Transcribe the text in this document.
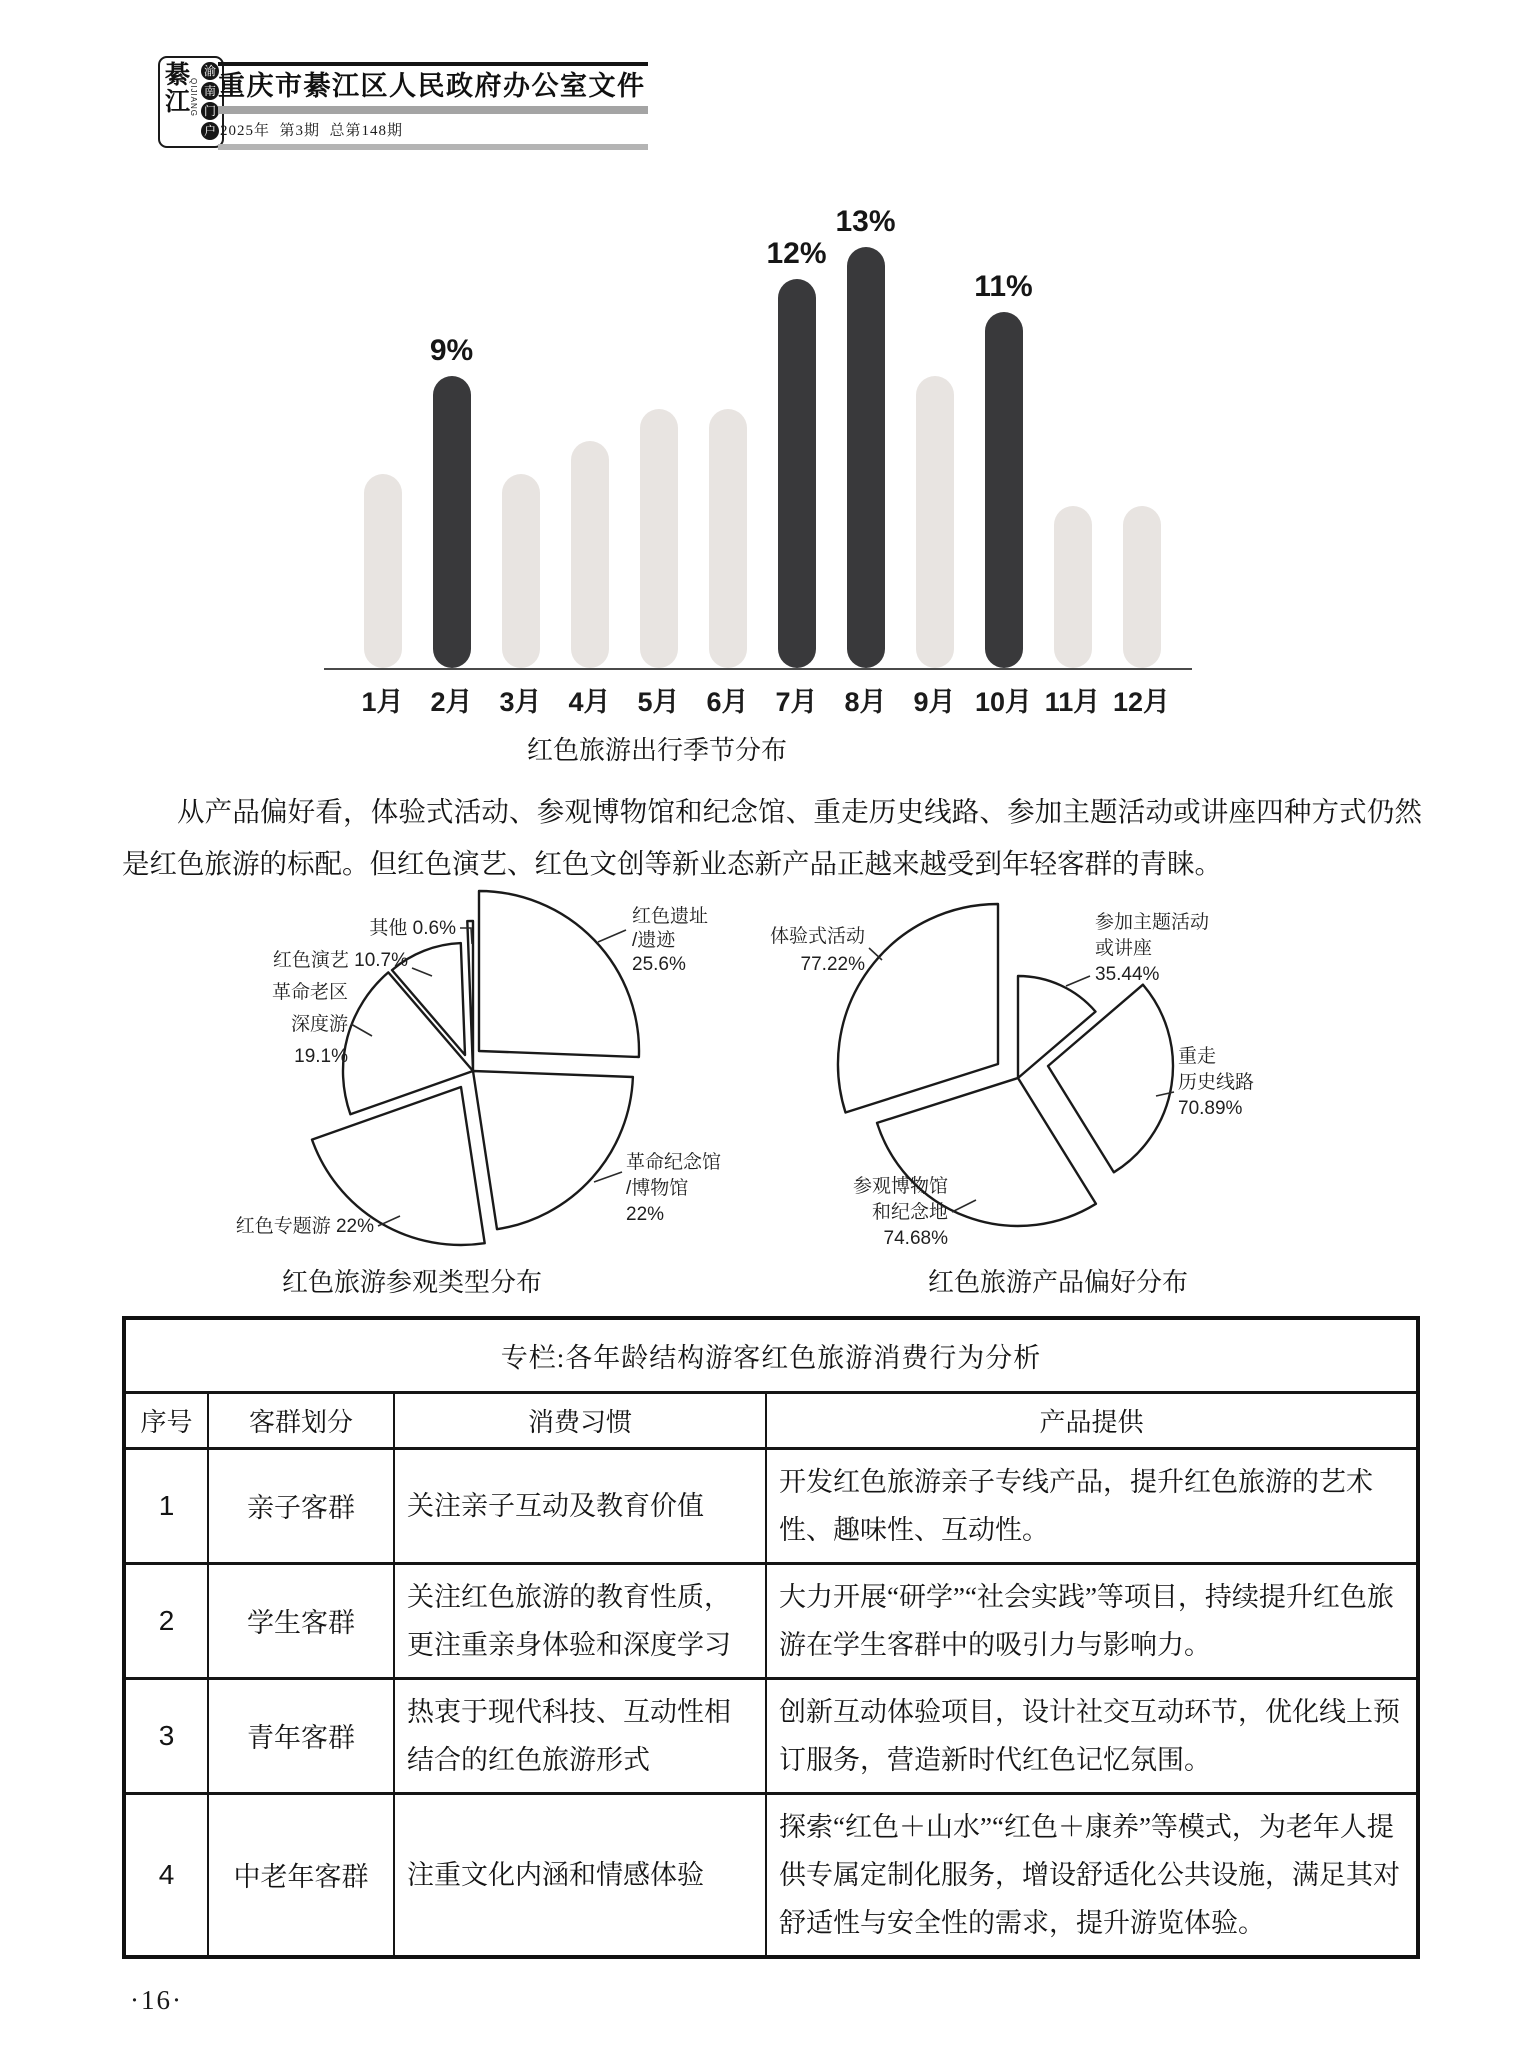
綦
江
QIJIANG
渝
南
门
户
重庆市綦江区人民政府办公室文件
2025年  第3期  总第148期
9%
12%
13%
11%
1月 2月 3月 4月 5月 6月 7月 8月 9月 10月 11月 12月
红色旅游出行季节分布
从产品偏好看，体验式活动、参观博物馆和纪念馆、重走历史线路、参加主题活动或讲座四种方式仍然是红色旅游的标配。但红色演艺、红色文创等新业态新产品正越来越受到年轻客群的青睐。
红色遗址/遗迹 25.6%
革命纪念馆/博物馆 22%
红色专题游 22%
革命老区深度游 19.1%
红色演艺 10.7%
其他 0.6%	参加主题活动或讲座 35.44%
重走历史线路 70.89%
参观博物馆和纪念地 74.68%
体验式活动 77.22%
红色旅游参观类型分布	红色旅游产品偏好分布
专栏:各年龄结构游客红色旅游消费行为分析			
序号	客群划分	消费习惯	产品提供
1	亲子客群	关注亲子互动及教育价值	开发红色旅游亲子专线产品，提升红色旅游的艺术性、趣味性、互动性。
2	学生客群	关注红色旅游的教育性质，更注重亲身体验和深度学习	大力开展“研学”“社会实践”等项目，持续提升红色旅游在学生客群中的吸引力与影响力。
3	青年客群	热衷于现代科技、互动性相结合的红色旅游形式	创新互动体验项目，设计社交互动环节，优化线上预订服务，营造新时代红色记忆氛围。
4	中老年客群	注重文化内涵和情感体验	探索“红色＋山水”“红色＋康养”等模式，为老年人提供专属定制化服务，增设舒适化公共设施，满足其对舒适性与安全性的需求，提升游览体验。
·16·
